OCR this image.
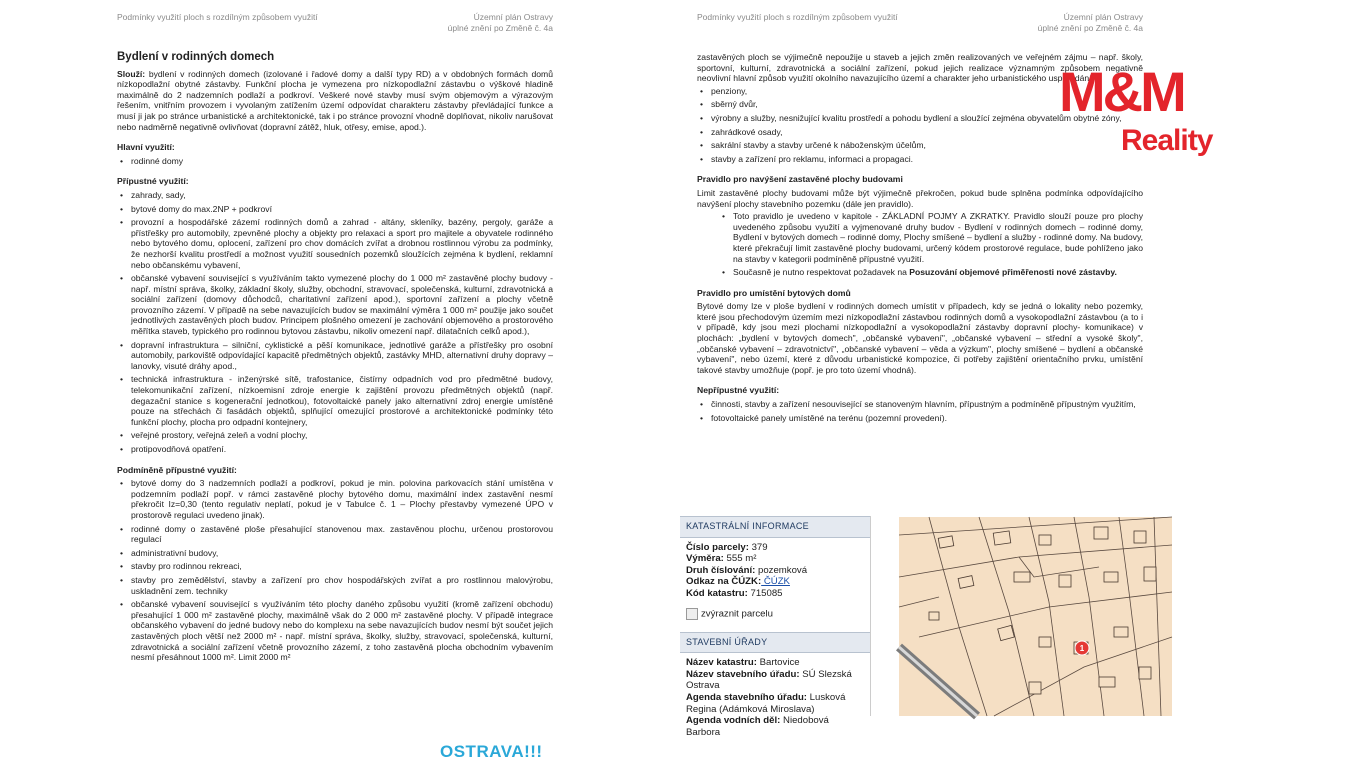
Podmínky využití ploch s rozdílným způsobem využití	Územní plán Ostravy
úplné znění po Změně č. 4a
Bydlení v rodinných domech

Slouží: bydlení v rodinných domech (izolované i řadové domy a další typy RD) a v obdobných formách domů nízkopodlažní obytné zástavby. Funkční plocha je vymezena pro nízkopodlažní zástavbu o výškové hladině maximálně do 2 nadzemních podlaží a podkroví. Veškeré nové stavby musí svým objemovým a výrazovým řešením, vnitřním provozem i vyvolaným zatížením území odpovídat charakteru zástavby převládající funkce a musí ji jak po stránce urbanistické a architektonické, tak i po stránce provozní vhodně doplňovat, nikoliv narušovat nebo nadměrně negativně ovlivňovat (dopravní zátěž, hluk, otřesy, emise, apod.).

Hlavní využití:
• rodinné domy
Přípustné využití:
• zahrady, sady,
• bytové domy do max.2NP + podkroví
• provozní a hospodářské zázemí rodinných domů a zahrad - altány, skleníky, bazény, pergoly, garáže a přístřešky pro automobily, zpevněné plochy a objekty pro relaxaci a sport pro majitele a obyvatele rodinného nebo bytového domu, oplocení, zařízení pro chov domácích zvířat a drobnou rostlinnou výrobu za podmínky, že nezhorší kvalitu prostředí a možnost využití sousedních pozemků sloužících zejména k bydlení, reklamní nebo občanskému vybavení,
• občanské vybavení související s využíváním takto vymezené plochy do 1 000 m² zastavěné plochy budovy - např. místní správa, školky, základní školy, služby, obchodní, stravovací, společenská, kulturní, zdravotnická a sociální zařízení (domovy důchodců, charitativní zařízení apod.), sportovní zařízení a plochy včetně provozního zázemí. V případě na sebe navazujících budov se maximální výměra 1 000 m² použije jako součet jednotlivých zastavěných ploch budov. Principem plošného omezení je zachování objemového a prostorového měřítka staveb, typického pro rodinnou bytovou zástavbu, nikoliv omezení např. dilatačních celků apod.),
• dopravní infrastruktura – silniční, cyklistické a pěší komunikace, jednotlivé garáže a přístřešky pro osobní automobily, parkoviště odpovídající kapacitě předmětných objektů, zastávky MHD, alternativní druhy dopravy – lanovky, visuté dráhy apod.,
• technická infrastruktura - inženýrské sítě, trafostanice, čistírny odpadních vod pro předmětné budovy, telekomunikační zařízení, nízkoemisní zdroje energie k zajištění provozu předmětných objektů (např. degazační stanice s kogenerační jednotkou), fotovoltaické panely jako alternativní zdroj energie umístěné pouze na střechách či fasádách objektů, splňující omezující prostorové a architektonické podmínky této funkční plochy, plocha pro odpadní kontejnery,
• veřejné prostory, veřejná zeleň a vodní plochy,
• protipovodňová opatření.
Podmíněně přípustné využití:
• bytové domy do 3 nadzemních podlaží a podkroví, pokud je min. polovina parkovacích stání umístěna v podzemním podlaží popř. v rámci zastavěné plochy bytového domu, maximální index zastavění nesmí překročit Iz=0,30 (tento regulativ neplatí, pokud je v Tabulce č. 1 – Plochy přestavby vymezené ÚPO v prostorově regulaci uvedeno jinak).
• rodinné domy o zastavěné ploše přesahující stanovenou max. zastavěnou plochu, určenou prostorovou regulací
• administrativní budovy,
• stavby pro rodinnou rekreaci,
• stavby pro zemědělství, stavby a zařízení pro chov hospodářských zvířat a pro rostlinnou malovýrobu, uskladnění zem. techniky
• občanské vybavení související s využíváním této plochy daného způsobu využití (kromě zařízení obchodu) přesahující 1 000 m² zastavěné plochy, maximálně však do 2 000 m² zastavěné plochy. V případě integrace občanského vybavení do jedné budovy nebo do komplexu na sebe navazujících budov nesmí být součet jejich zastavěných ploch větší než 2000 m² - např. místní správa, školky, služby, stravovací, společenská, kulturní, zdravotnická a sociální zařízení včetně provozního zázemí, z toho zastavěná plocha obchodním vybavením nesmí přesáhnout 1000 m². Limit 2000 m²
Podmínky využití ploch s rozdílným způsobem využití	Územní plán Ostravy
úplné znění po Změně č. 4a

zastavěných ploch se výjimečně nepoužije u staveb a jejich změn realizovaných ve veřejném zájmu – např. školy, sportovní, kulturní, zdravotnická a sociální zařízení, pokud jejich realizace významným způsobem negativně neovlivní hlavní způsob využití okolního navazujícího území a charakter jeho urbanistického uspořádání,

• penziony,
• sběrný dvůr,
• výrobny a služby, nesnižující kvalitu prostředí a pohodu bydlení a sloužící zejména obyvatelům obytné zóny,
• zahrádkové osady,
• sakrální stavby a stavby určené k náboženským účelům,
• stavby a zařízení pro reklamu, informaci a propagaci.
Pravidlo pro navýšení zastavěné plochy budovami

Limit zastavěné plochy budovami může být výjimečně překročen, pokud bude splněna podmínka odpovídajícího navýšení plochy stavebního pozemku (dále jen pravidlo).

• Toto pravidlo je uvedeno v kapitole - ZÁKLADNÍ POJMY A ZKRATKY. Pravidlo slouží pouze pro plochy uvedeného způsobu využití a vyjmenované druhy budov - Bydlení v rodinných domech – rodinné domy, Bydlení v bytových domech – rodinné domy, Plochy smíšené – bydlení a služby - rodinné domy. Na budovy, které překračují limit zastavěné plochy budovami, určený kódem prostorové regulace, bude pohlíženo jako na stavby v kategorii podmíněně přípustné využití.
• Současně je nutno respektovat požadavek na Posuzování objemové přiměřenosti nové zástavby.
Pravidlo pro umístění bytových domů

Bytové domy lze v ploše bydlení v rodinných domech umístit v případech, kdy se jedná o lokality nebo pozemky, které jsou přechodovým územím mezi nízkopodlažní zástavbou rodinných domů a vysokopodlažní zástavbou (a to i v případě, kdy jsou mezi plochami nízkopodlažní a vysokopodlažní zástavby dopravní plochy- komunikace) v plochách: „bydlení v bytových domech", „občanské vybavení", „občanské vybavení – střední a vysoké školy", „občanské vybavení – zdravotnictví", „občanské vybavení – věda a výzkum", plochy smíšené – bydlení a občanské vybavení", nebo území, které z důvodu urbanistické kompozice, či potřeby zajištění orientačního prvku, umístění takové stavby umožňuje (popř. je pro toto území vhodná).

Nepřípustné využití:
• činnosti, stavby a zařízení nesouvisející se stanoveným hlavním, přípustným a podmíněně přípustným využitím,
• fotovoltaické panely umístěné na terénu (pozemní provedení).
M&M
Reality
KATASTRÁLNÍ INFORMACE
Číslo parcely: 379
Výměra: 555 m²
Druh číslování: pozemková
Odkaz na ČÚZK: ČÚZK
Kód katastru: 715085
zvýraznit parcelu
STAVEBNÍ ÚŘADY
Název katastru: Bartovice
Název stavebního úřadu: SÚ Slezská Ostrava
Agenda stavebního úřadu: Lusková Regina (Adámková Miroslava)
Agenda vodních děl: Niedobová Barbora
1
OSTRAVA!!!
